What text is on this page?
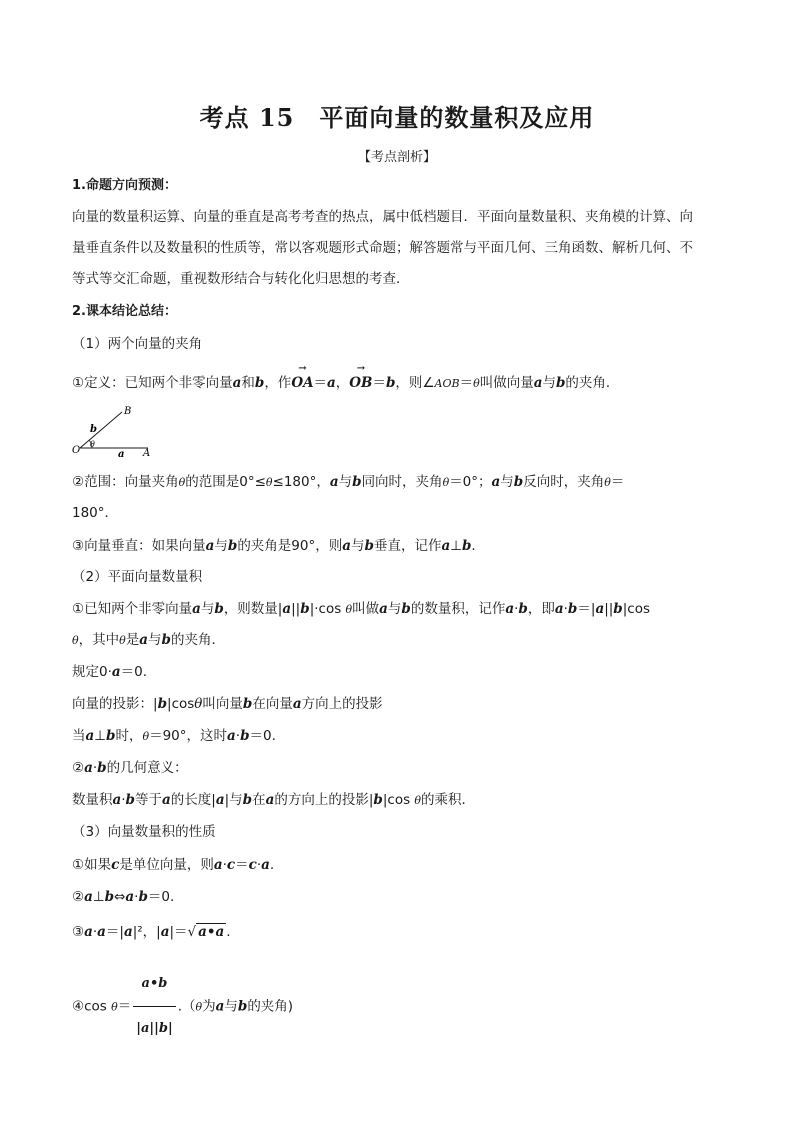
考点 15　平面向量的数量积及应用
【考点剖析】
1.命题方向预测：
向量的数量积运算、向量的垂直是高考考查的热点，属中低档题目．平面向量数量积、夹角模的计算、向
量垂直条件以及数量积的性质等，常以客观题形式命题；解答题常与平面几何、三角函数、解析几何、不
等式等交汇命题，重视数形结合与转化化归思想的考查．
2.课本结论总结：
（1）两个向量的夹角
①定义：已知两个非零向量a和b，作
→
OA＝a，
→
OB＝b，则∠AOB＝θ叫做向量a与b的夹角．
O	A
B
a
b
θ
②范围：向量夹角θ的范围是0°≤θ≤180°，a与b同向时，夹角θ＝0°；a与b反向时，夹角θ＝
180°．
③向量垂直：如果向量a与b的夹角是90°，则a与b垂直，记作a⊥b.
（2）平面向量数量积
①已知两个非零向量a与b，则数量|a||b|·cos θ叫做a与b的数量积，记作a·b，即a·b＝|a||b|cos
θ，其中θ是a与b的夹角．
规定0·a＝0.
向量的投影：|b|cosθ叫向量b在向量a方向上的投影
当a⊥b时，θ＝90°，这时a·b＝0.
②a·b的几何意义：
数量积a·b等于a的长度|a|与b在a的方向上的投影|b|cos θ的乘积．
（3）向量数量积的性质
①如果c是单位向量，则a·c＝c·a.
②a⊥b⇔a·b＝0.
③a·a＝|a|²，|a|＝√ a•a .
④cos $\theta= \frac{a•b}{|a||b|} .(\theta$为a与b的夹角)
